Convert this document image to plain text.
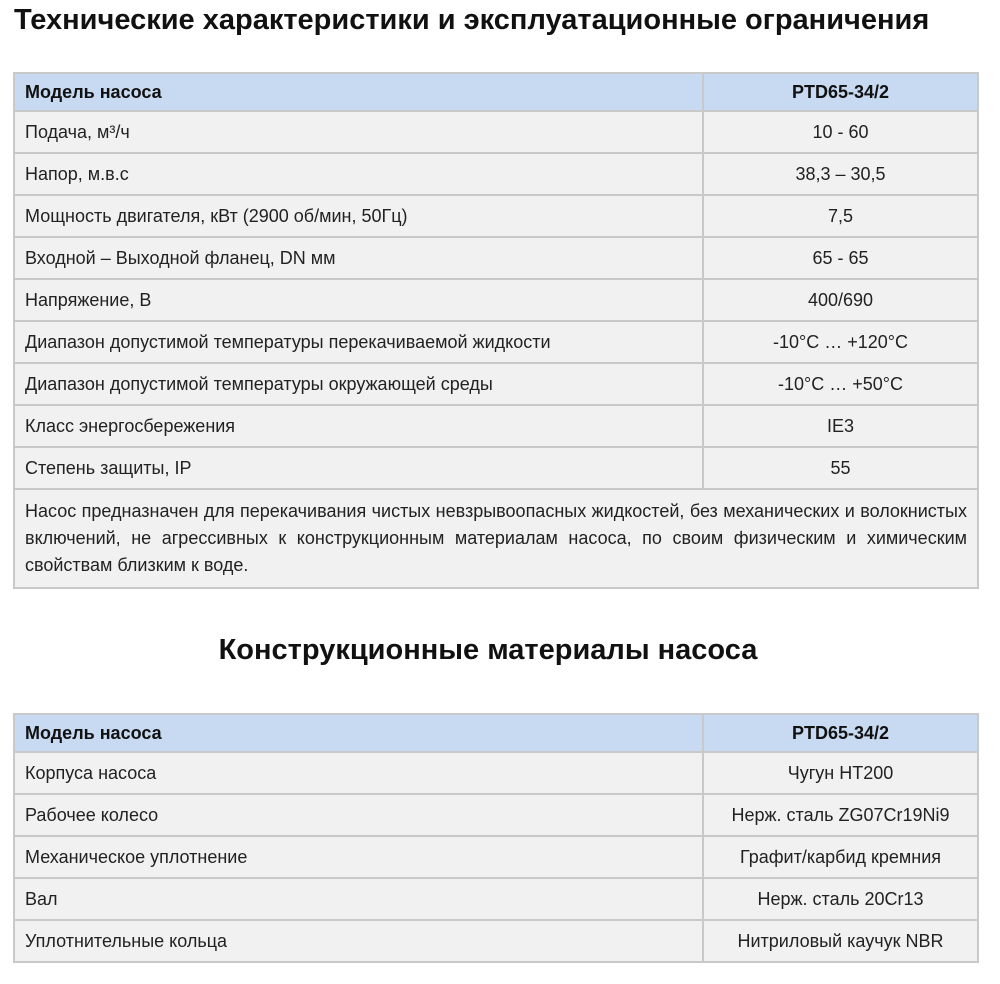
Технические характеристики и эксплуатационные ограничения
Модель насоса	PTD65-34/2
Подача, м³/ч	10 - 60
Напор, м.в.с	38,3 – 30,5
Мощность двигателя, кВт (2900 об/мин, 50Гц)	7,5
Входной – Выходной фланец, DN мм	65 - 65
Напряжение, В	400/690
Диапазон допустимой температуры перекачиваемой жидкости	-10°C … +120°C
Диапазон допустимой температуры окружающей среды	-10°C … +50°C
Класс энергосбережения	IE3
Степень защиты, IP	55
Насос предназначен для перекачивания чистых невзрывоопасных жидкостей, без механических и волокнистых включений, не агрессивных к конструкционным материалам насоса, по своим физическим и химическим свойствам близким к воде.	
Конструкционные материалы насоса
Модель насоса	PTD65-34/2
Корпуса насоса	Чугун HT200
Рабочее колесо	Нерж. сталь ZG07Cr19Ni9
Механическое уплотнение	Графит/карбид кремния
Вал	Нерж. сталь 20Cr13
Уплотнительные кольца	Нитриловый каучук NBR
